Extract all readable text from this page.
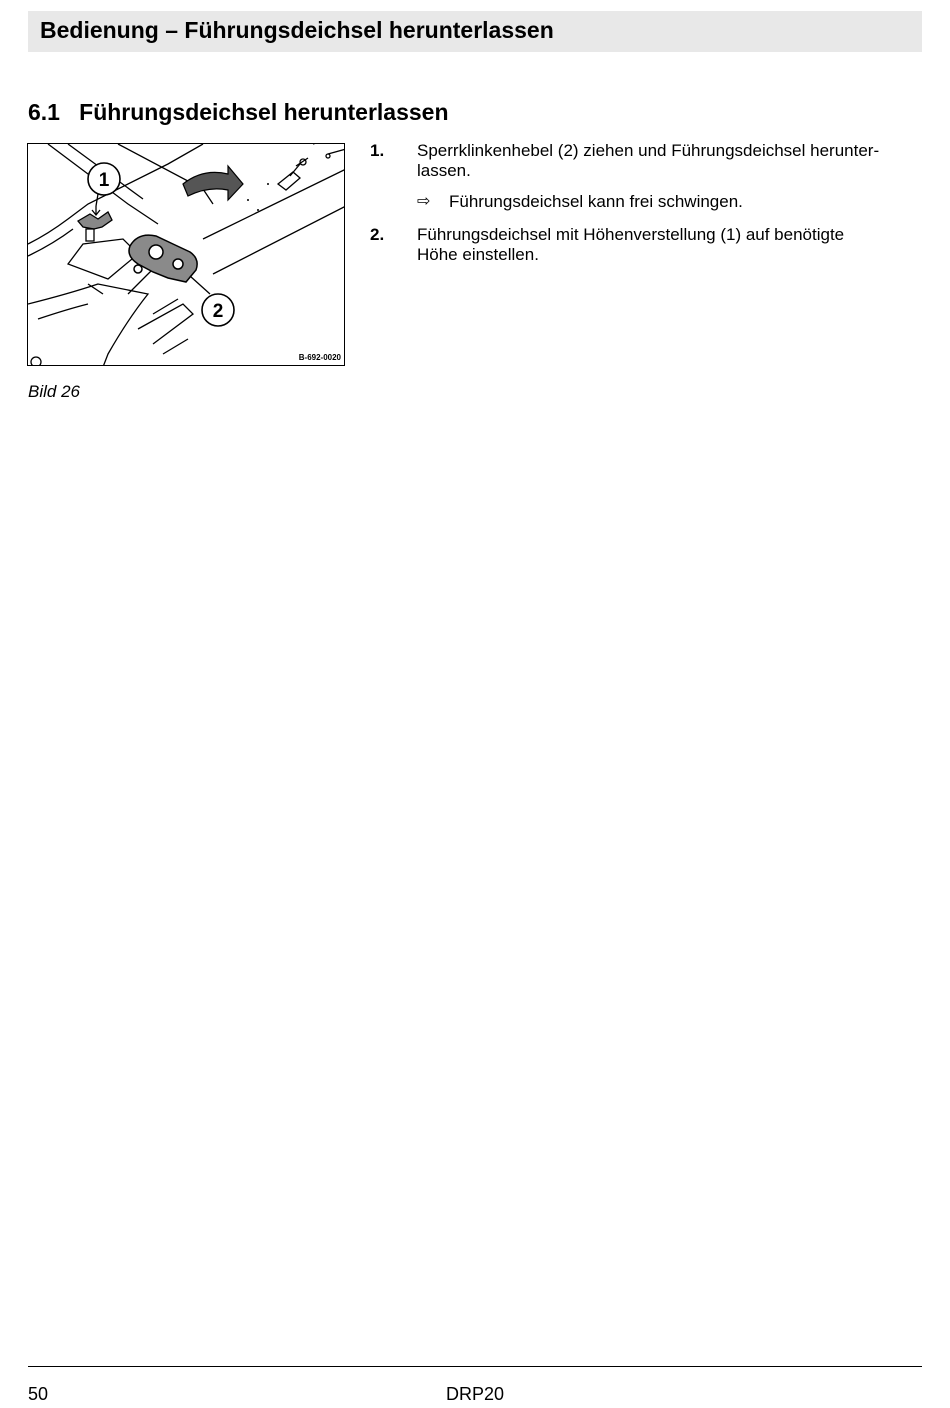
Bedienung – Führungsdeichsel herunterlassen
6.1 Führungsdeichsel herunterlassen
1
2
B-692-0020
Bild 26
1. Sperrklinkenhebel (2) ziehen und Führungsdeichsel herunter-
lassen.
⇨ Führungsdeichsel kann frei schwingen.
2. Führungsdeichsel mit Höhenverstellung (1) auf benötigte
Höhe einstellen.
50	DRP20
